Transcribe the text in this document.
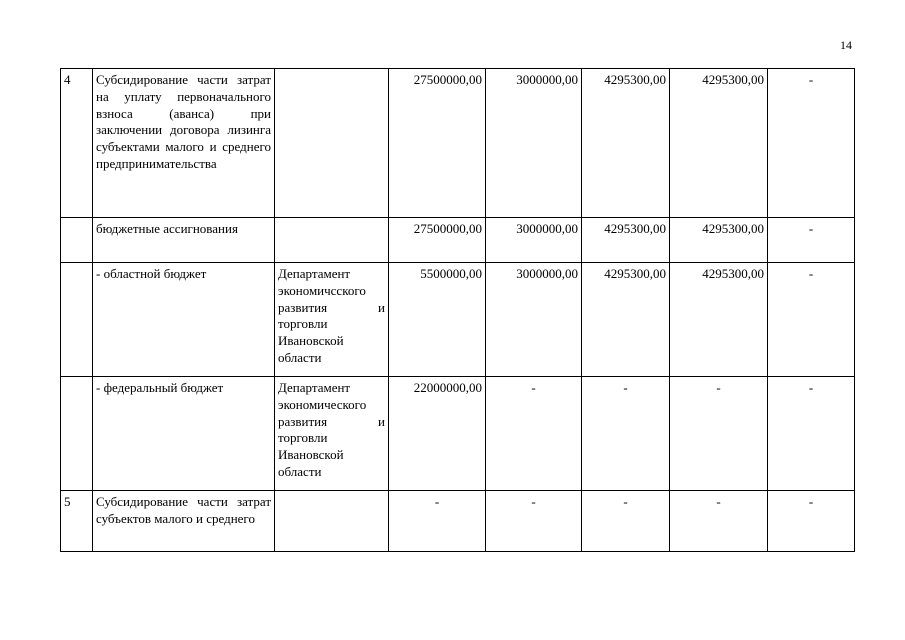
14
4	Субсидирование части затрат на уплату первоначального взноса (аванса) при заключении договора лизинга субъектами малого и среднего предпринимательства		27500000,00	3000000,00	4295300,00	4295300,00	-
	бюджетные ассигнования		27500000,00	3000000,00	4295300,00	4295300,00	-
	- областной бюджет	Департамент экономичсского развития и торговли Ивановской области	5500000,00	3000000,00	4295300,00	4295300,00	-
	- федеральный бюджет	Департамент экономического развития и торговли Ивановской области	22000000,00	-	-	-	-
5	Субсидирование части затрат субъектов малого и среднего		-	-	-	-	-
